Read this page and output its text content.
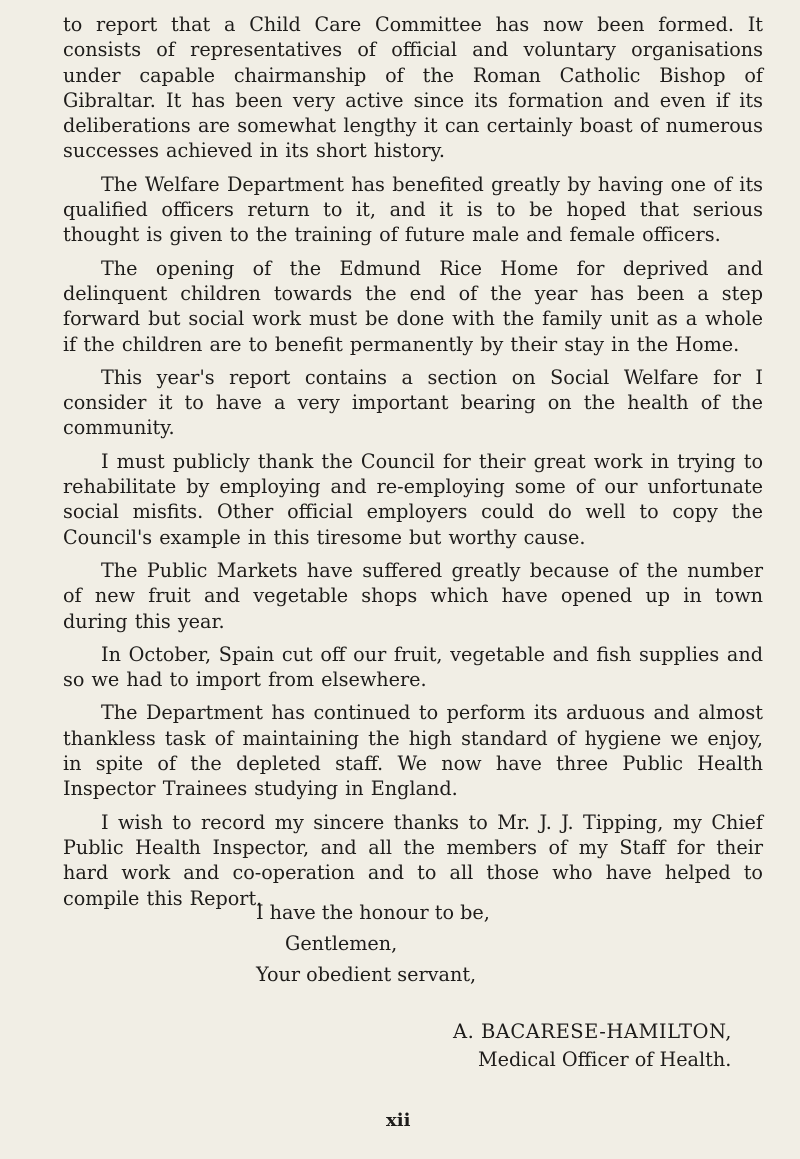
to report that a Child Care Committee has now been formed. It consists of representatives of official and voluntary organisations under capable chairmanship of the Roman Catholic Bishop of Gibraltar. It has been very active since its formation and even if its deliberations are somewhat lengthy it can certainly boast of numerous successes achieved in its short history.

The Welfare Department has benefited greatly by having one of its qualified officers return to it, and it is to be hoped that serious thought is given to the training of future male and female officers.

The opening of the Edmund Rice Home for deprived and delinquent children towards the end of the year has been a step forward but social work must be done with the family unit as a whole if the children are to benefit permanently by their stay in the Home.

This year's report contains a section on Social Welfare for I consider it to have a very important bearing on the health of the community.

I must publicly thank the Council for their great work in trying to rehabilitate by employing and re-employing some of our unfortunate social misfits. Other official employers could do well to copy the Council's example in this tiresome but worthy cause.

The Public Markets have suffered greatly because of the number of new fruit and vegetable shops which have opened up in town during this year.

In October, Spain cut off our fruit, vegetable and fish supplies and so we had to import from elsewhere.

The Department has continued to perform its arduous and almost thankless task of maintaining the high standard of hygiene we enjoy, in spite of the depleted staff. We now have three Public Health Inspector Trainees studying in England.

I wish to record my sincere thanks to Mr. J. J. Tipping, my Chief Public Health Inspector, and all the members of my Staff for their hard work and co-operation and to all those who have helped to compile this Report.

I have the honour to be,
Gentlemen,
Your obedient servant,
A. BACARESE-HAMILTON,
Medical Officer of Health.
xii
